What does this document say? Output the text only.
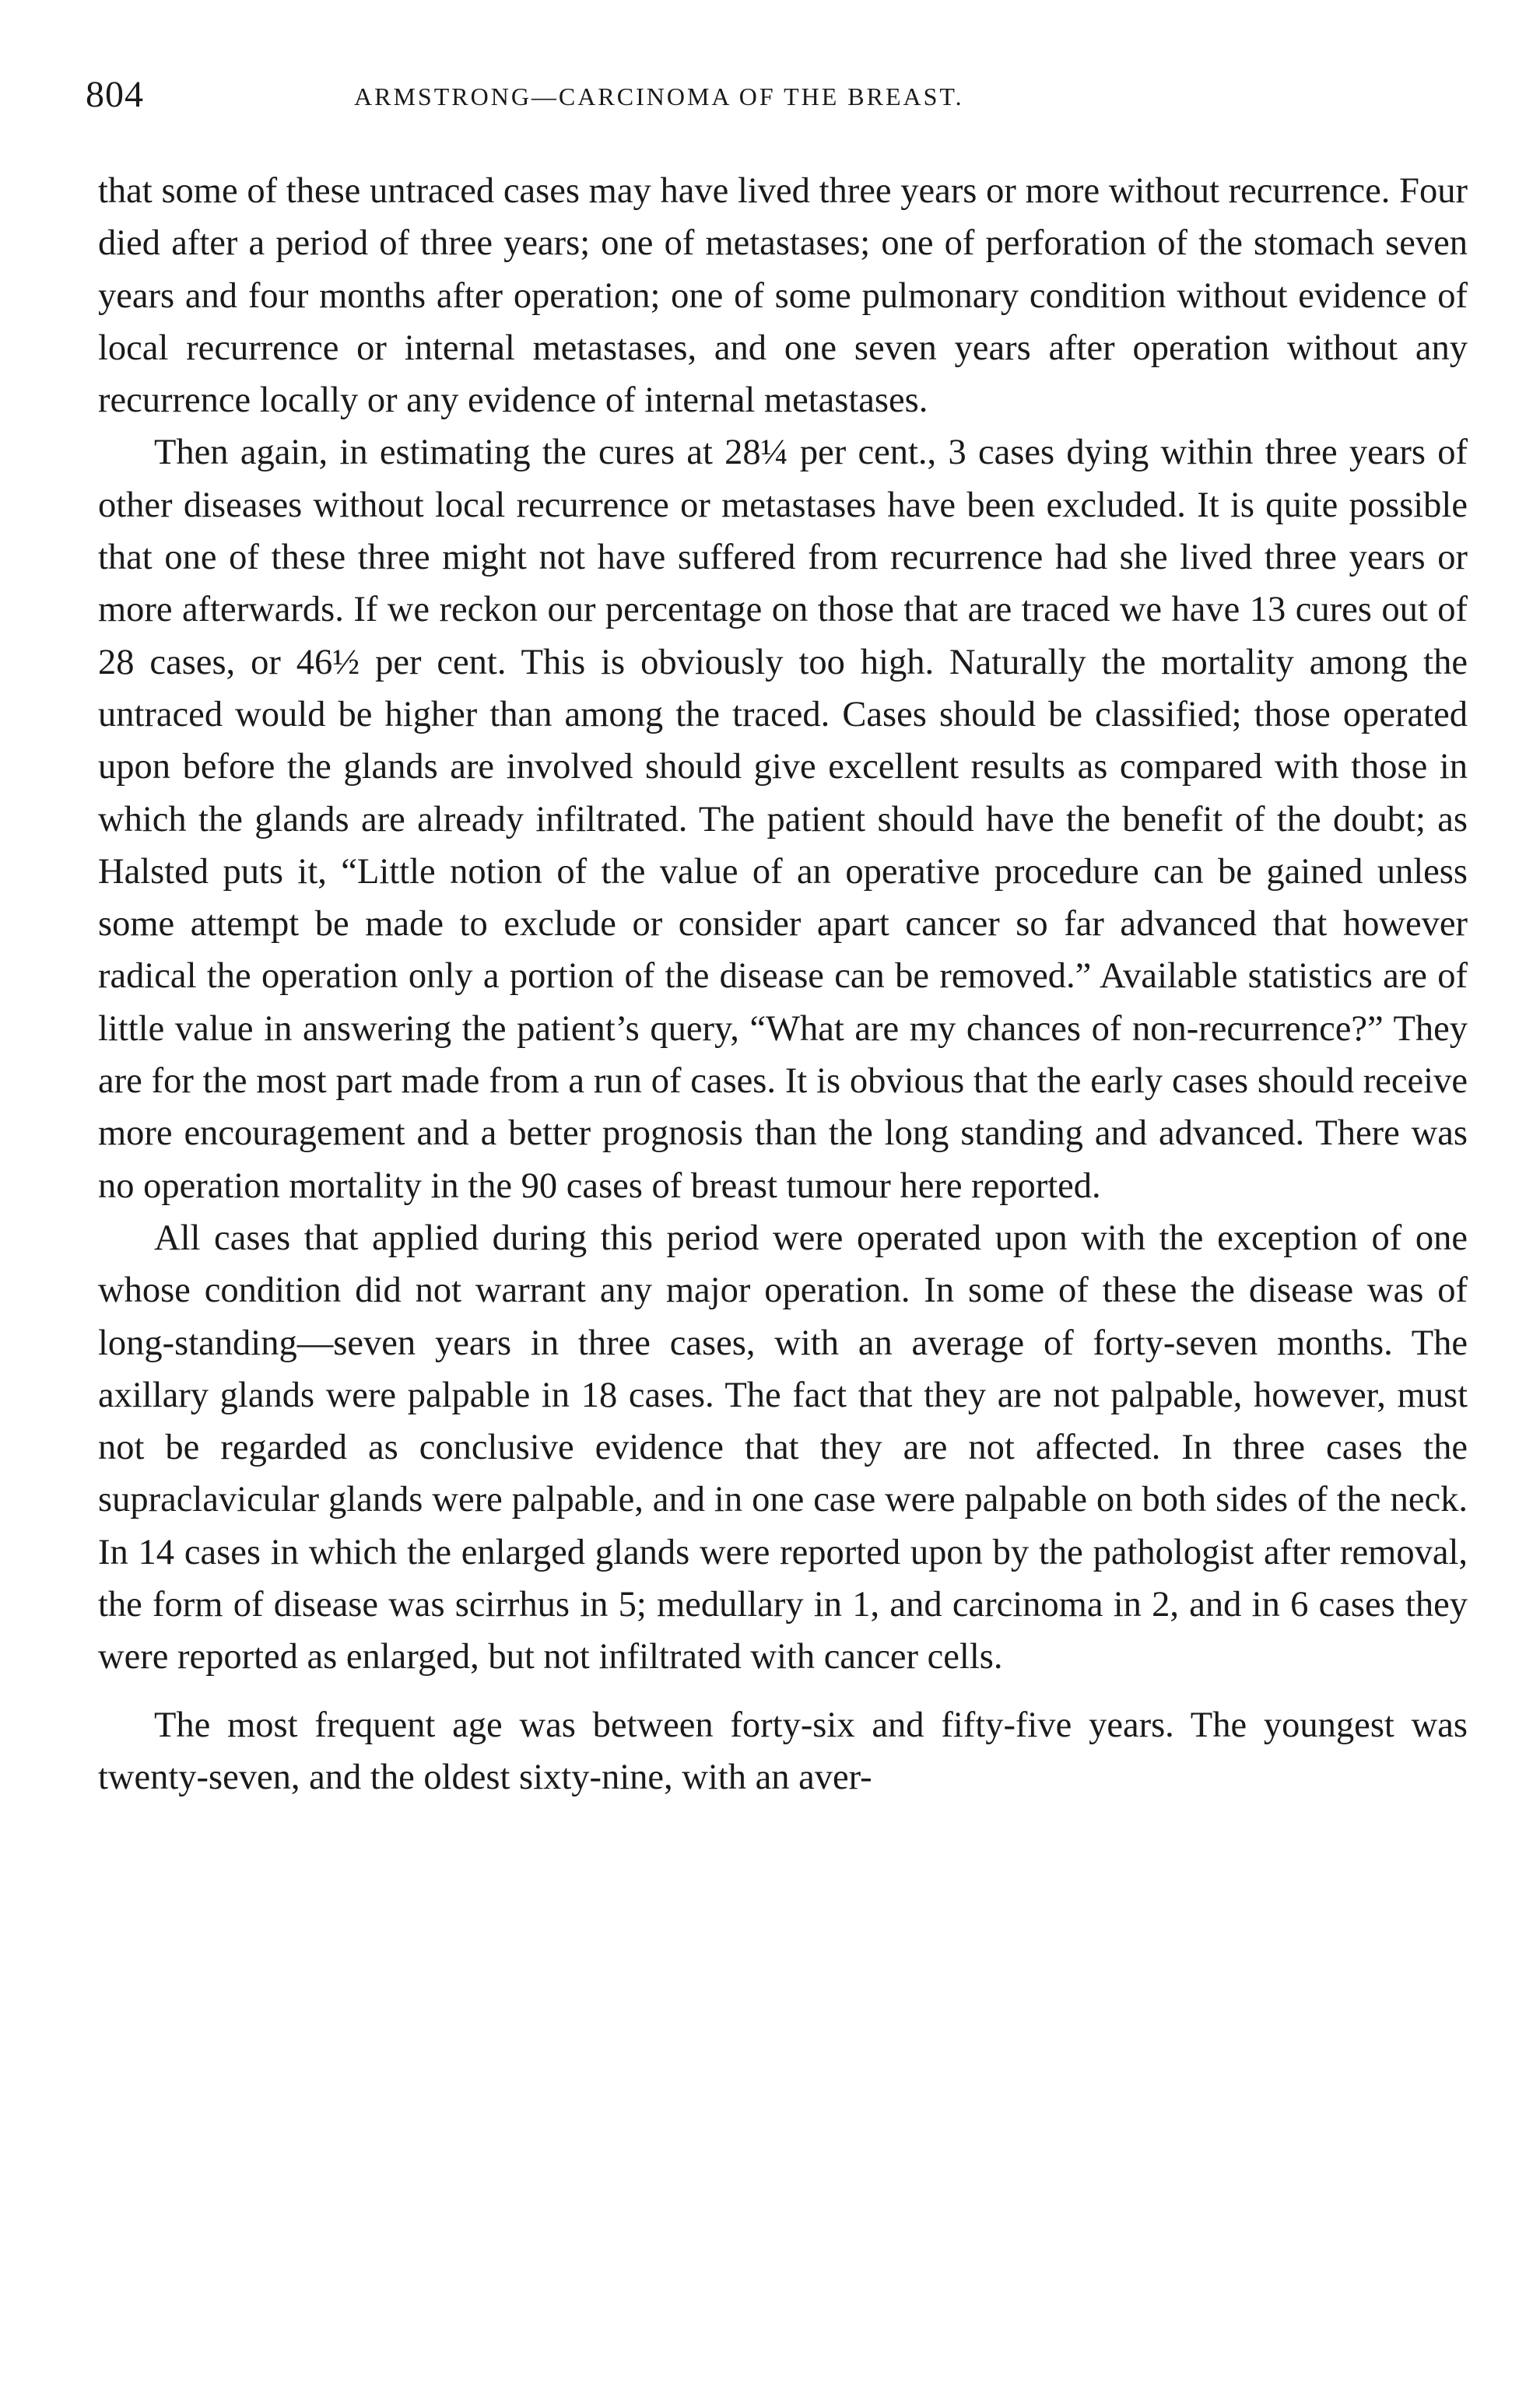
804	ARMSTRONG—CARCINOMA OF THE BREAST.

that some of these untraced cases may have lived three years or more without recurrence. Four died after a period of three years; one of metastases; one of perforation of the stomach seven years and four months after operation; one of some pulmonary condition without evidence of local recurrence or internal metastases, and one seven years after operation without any recurrence locally or any evidence of internal metastases.

Then again, in estimating the cures at 28¼ per cent., 3 cases dying within three years of other diseases without local recurrence or metastases have been excluded. It is quite possible that one of these three might not have suffered from recurrence had she lived three years or more afterwards. If we reckon our percentage on those that are traced we have 13 cures out of 28 cases, or 46½ per cent. This is obviously too high. Naturally the mortality among the untraced would be higher than among the traced. Cases should be classified; those operated upon before the glands are involved should give excellent results as compared with those in which the glands are already infiltrated. The patient should have the benefit of the doubt; as Halsted puts it, “Little notion of the value of an operative procedure can be gained unless some attempt be made to exclude or consider apart cancer so far advanced that however radical the operation only a portion of the disease can be removed.” Available statistics are of little value in answering the patient’s query, “What are my chances of non-recurrence?” They are for the most part made from a run of cases. It is obvious that the early cases should receive more encouragement and a better prognosis than the long standing and advanced. There was no operation mortality in the 90 cases of breast tumour here reported.

All cases that applied during this period were operated upon with the exception of one whose condition did not warrant any major operation. In some of these the disease was of long-standing—seven years in three cases, with an average of forty-seven months. The axillary glands were palpable in 18 cases. The fact that they are not palpable, however, must not be regarded as conclusive evidence that they are not affected. In three cases the supraclavicular glands were palpable, and in one case were palpable on both sides of the neck. In 14 cases in which the enlarged glands were reported upon by the pathologist after removal, the form of disease was scirrhus in 5; medullary in 1, and carcinoma in 2, and in 6 cases they were reported as enlarged, but not infiltrated with cancer cells.

The most frequent age was between forty-six and fifty-five years. The youngest was twenty-seven, and the oldest sixty-nine, with an aver-
